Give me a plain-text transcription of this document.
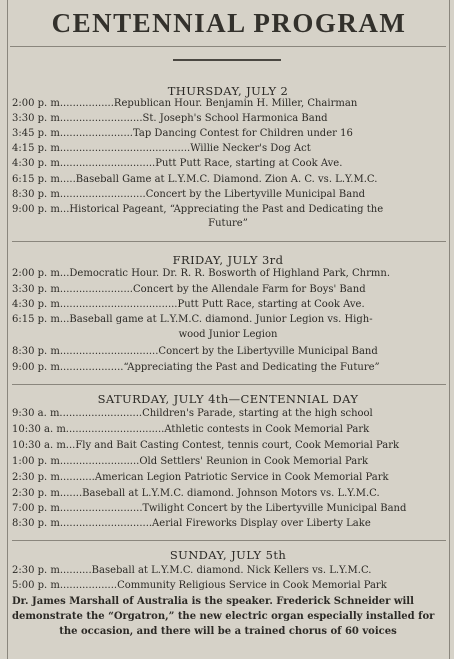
CENTENNIAL PROGRAM
THURSDAY, JULY 2
2:00 p. m.................Republican Hour. Benjamin H. Miller, Chairman
3:30 p. m..........................St. Joseph's School Harmonica Band
3:45 p. m.......................Tap Dancing Contest for Children under 16
4:15 p. m.........................................Willie Necker's Dog Act
4:30 p. m..............................Putt Putt Race, starting at Cook Ave.
6:15 p. m.....Baseball Game at L.Y.M.C. Diamond. Zion A. C. vs. L.Y.M.C.
8:30 p. m...........................Concert by the Libertyville Municipal Band
9:00 p. m...Historical Pageant, “Appreciating the Past and Dedicating the
Future”
FRIDAY, JULY 3rd
2:00 p. m...Democratic Hour. Dr. R. R. Bosworth of Highland Park, Chrmn.
3:30 p. m.......................Concert by the Allendale Farm for Boys' Band
4:30 p. m.....................................Putt Putt Race, starting at Cook Ave.
6:15 p. m...Baseball game at L.Y.M.C. diamond. Junior Legion vs. High-
wood Junior Legion
8:30 p. m...............................Concert by the Libertyville Municipal Band
9:00 p. m....................“Appreciating the Past and Dedicating the Future”
SATURDAY, JULY 4th—CENTENNIAL DAY
9:30 a. m..........................Children's Parade, starting at the high school
10:30 a. m...............................Athletic contests in Cook Memorial Park
10:30 a. m...Fly and Bait Casting Contest, tennis court, Cook Memorial Park
1:00 p. m.........................Old Settlers' Reunion in Cook Memorial Park
2:30 p. m...........American Legion Patriotic Service in Cook Memorial Park
2:30 p. m.......Baseball at L.Y.M.C. diamond. Johnson Motors vs. L.Y.M.C.
7:00 p. m..........................Twilight Concert by the Libertyville Municipal Band
8:30 p. m.............................Aerial Fireworks Display over Liberty Lake
SUNDAY, JULY 5th
2:30 p. m..........Baseball at L.Y.M.C. diamond. Nick Kellers vs. L.Y.M.C.
5:00 p. m..................Community Religious Service in Cook Memorial Park
Dr. James Marshall of Australia is the speaker. Frederick Schneider will
demonstrate the “Orgatron,” the new electric organ especially installed for
the occasion, and there will be a trained chorus of 60 voices
